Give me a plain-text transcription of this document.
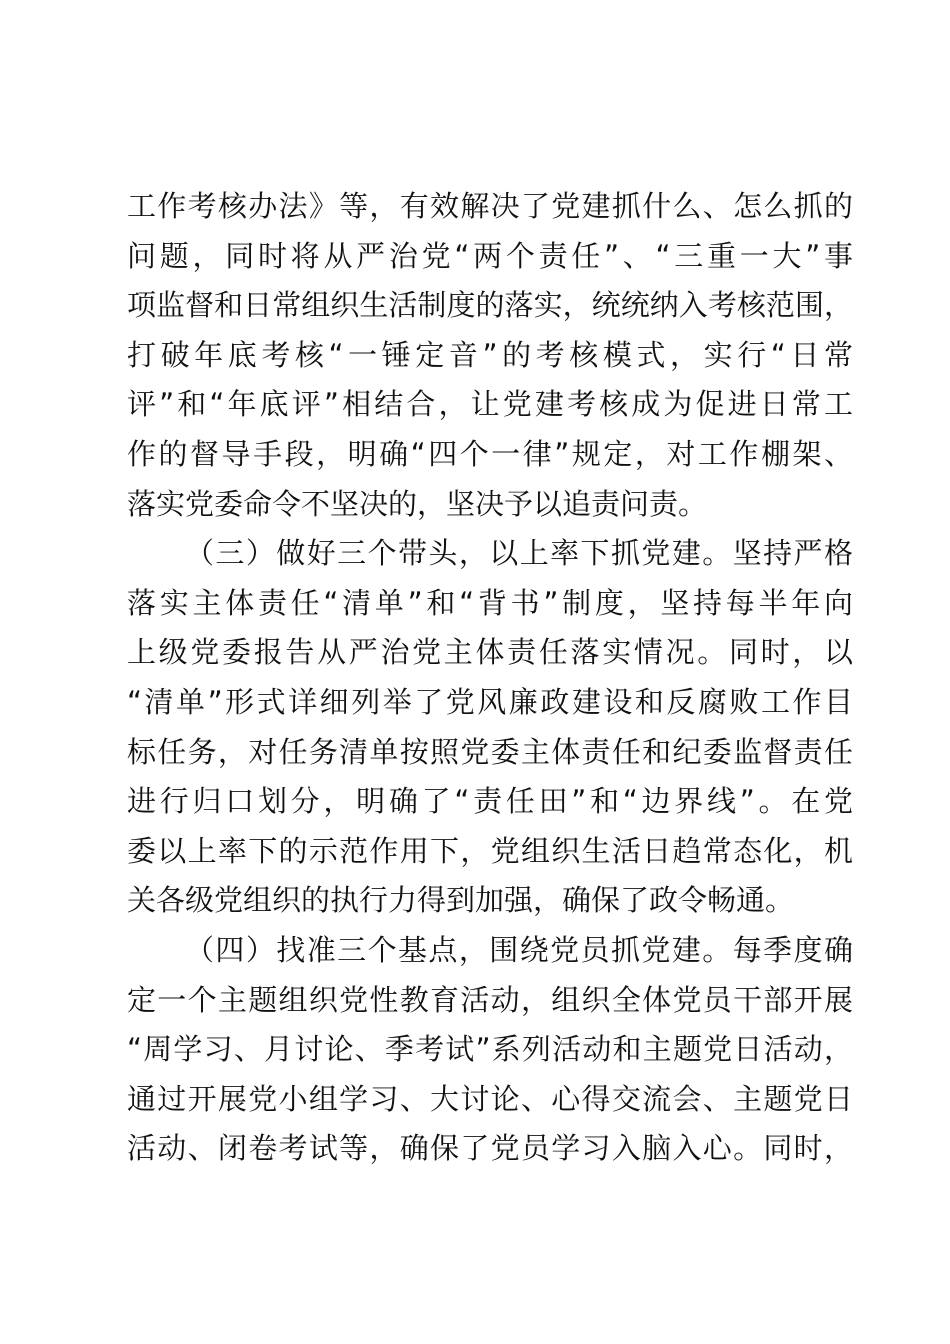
工作考核办法》等，有效解决了党建抓什么、怎么抓的
问题，同时将从严治党“两个责任”、“三重一大”事
项监督和日常组织生活制度的落实，统统纳入考核范围，
打破年底考核“一锤定音”的考核模式，实行“日常
评”和“年底评”相结合，让党建考核成为促进日常工
作的督导手段，明确“四个一律”规定，对工作棚架、
落实党委命令不坚决的，坚决予以追责问责。
（三）做好三个带头，以上率下抓党建。坚持严格
落实主体责任“清单”和“背书”制度，坚持每半年向
上级党委报告从严治党主体责任落实情况。同时，以
“清单”形式详细列举了党风廉政建设和反腐败工作目
标任务，对任务清单按照党委主体责任和纪委监督责任
进行归口划分，明确了“责任田”和“边界线”。在党
委以上率下的示范作用下，党组织生活日趋常态化，机
关各级党组织的执行力得到加强，确保了政令畅通。
（四）找准三个基点，围绕党员抓党建。每季度确
定一个主题组织党性教育活动，组织全体党员干部开展
“周学习、月讨论、季考试”系列活动和主题党日活动，
通过开展党小组学习、大讨论、心得交流会、主题党日
活动、闭卷考试等，确保了党员学习入脑入心。同时，
